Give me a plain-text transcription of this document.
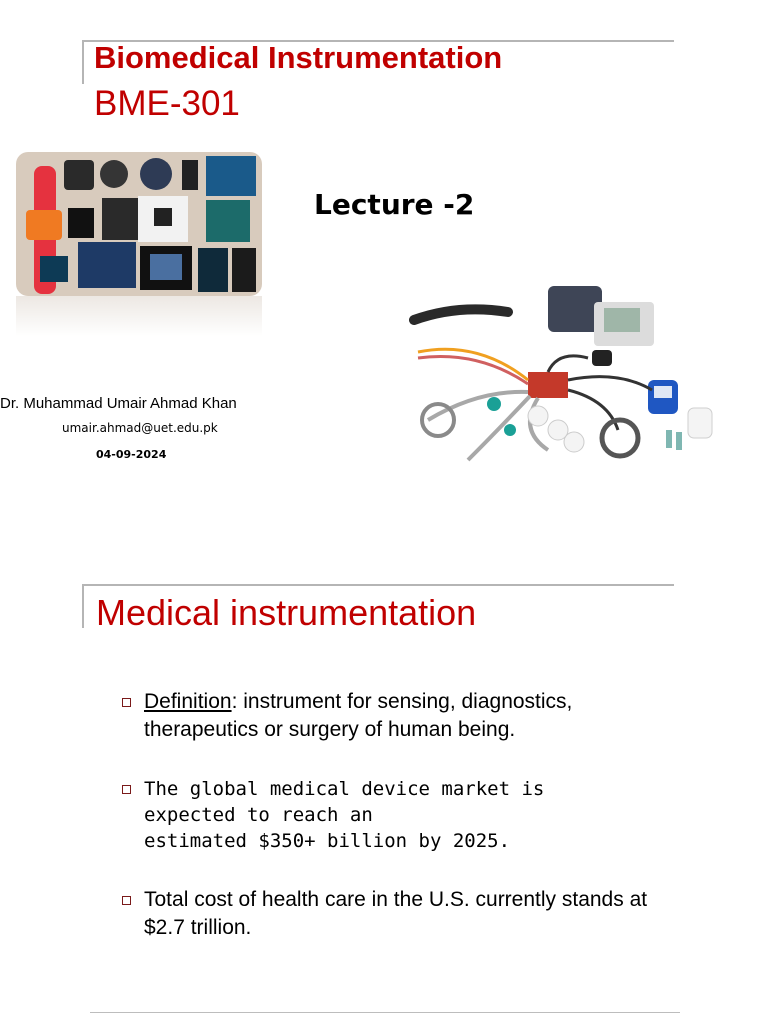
Biomedical Instrumentation
BME-301
Lecture -2
Dr. Muhammad Umair Ahmad Khan
umair.ahmad@uet.edu.pk
04-09-2024
Medical instrumentation
Definition: instrument for sensing, diagnostics, therapeutics or surgery of human being.
The global medical device market is
expected to reach an
estimated $350+ billion by 2025.
Total cost of health care in the U.S. currently stands at $2.7 trillion.
